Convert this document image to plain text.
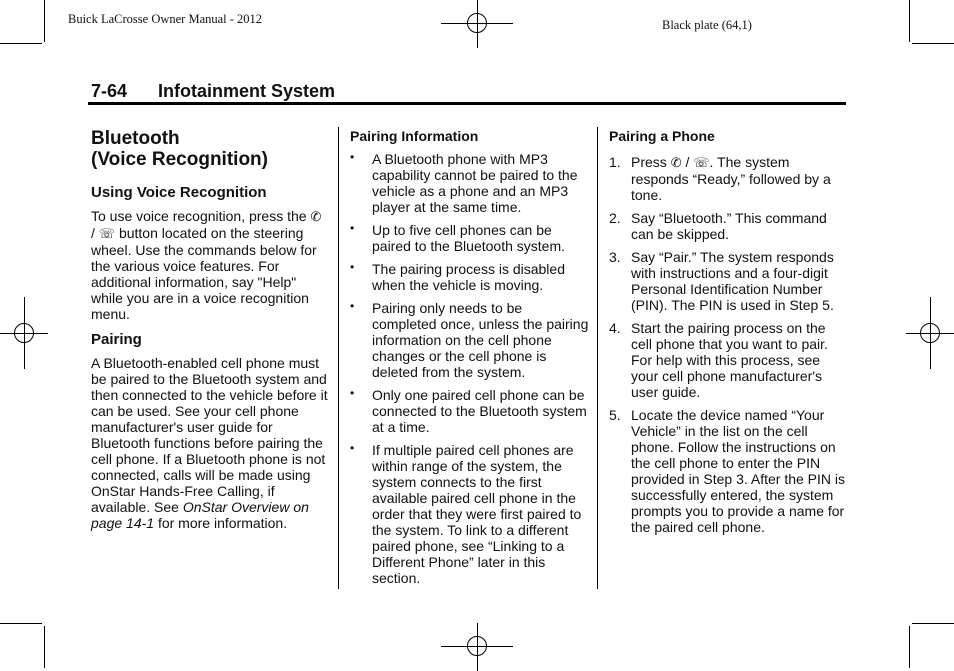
Buick LaCrosse Owner Manual - 2012	Black plate (64,1)
7-64 Infotainment System
Bluetooth
(Voice Recognition)
Using Voice Recognition

To use voice recognition, press the ✆ / ☏ button located on the steering wheel. Use the commands below for the various voice features. For additional information, say "Help" while you are in a voice recognition menu.

Pairing

A Bluetooth-enabled cell phone must be paired to the Bluetooth system and then connected to the vehicle before it can be used. See your cell phone manufacturer's user guide for Bluetooth functions before pairing the cell phone. If a Bluetooth phone is not connected, calls will be made using OnStar Hands-Free Calling, if available. See OnStar Overview on page 14-1 for more information.

Pairing Information
• A Bluetooth phone with MP3 capability cannot be paired to the vehicle as a phone and an MP3 player at the same time.
• Up to five cell phones can be paired to the Bluetooth system.
• The pairing process is disabled when the vehicle is moving.
• Pairing only needs to be completed once, unless the pairing information on the cell phone changes or the cell phone is deleted from the system.
• Only one paired cell phone can be connected to the Bluetooth system at a time.
• If multiple paired cell phones are within range of the system, the system connects to the first available paired cell phone in the order that they were first paired to the system. To link to a different paired phone, see “Linking to a Different Phone” later in this section.
Pairing a Phone
1. Press ✆ / ☏. The system responds “Ready,” followed by a tone.
2. Say “Bluetooth.” This command can be skipped.
3. Say “Pair.” The system responds with instructions and a four-digit Personal Identification Number (PIN). The PIN is used in Step 5.
4. Start the pairing process on the cell phone that you want to pair. For help with this process, see your cell phone manufacturer's user guide.
5. Locate the device named “Your Vehicle” in the list on the cell phone. Follow the instructions on the cell phone to enter the PIN provided in Step 3. After the PIN is successfully entered, the system prompts you to provide a name for the paired cell phone.
